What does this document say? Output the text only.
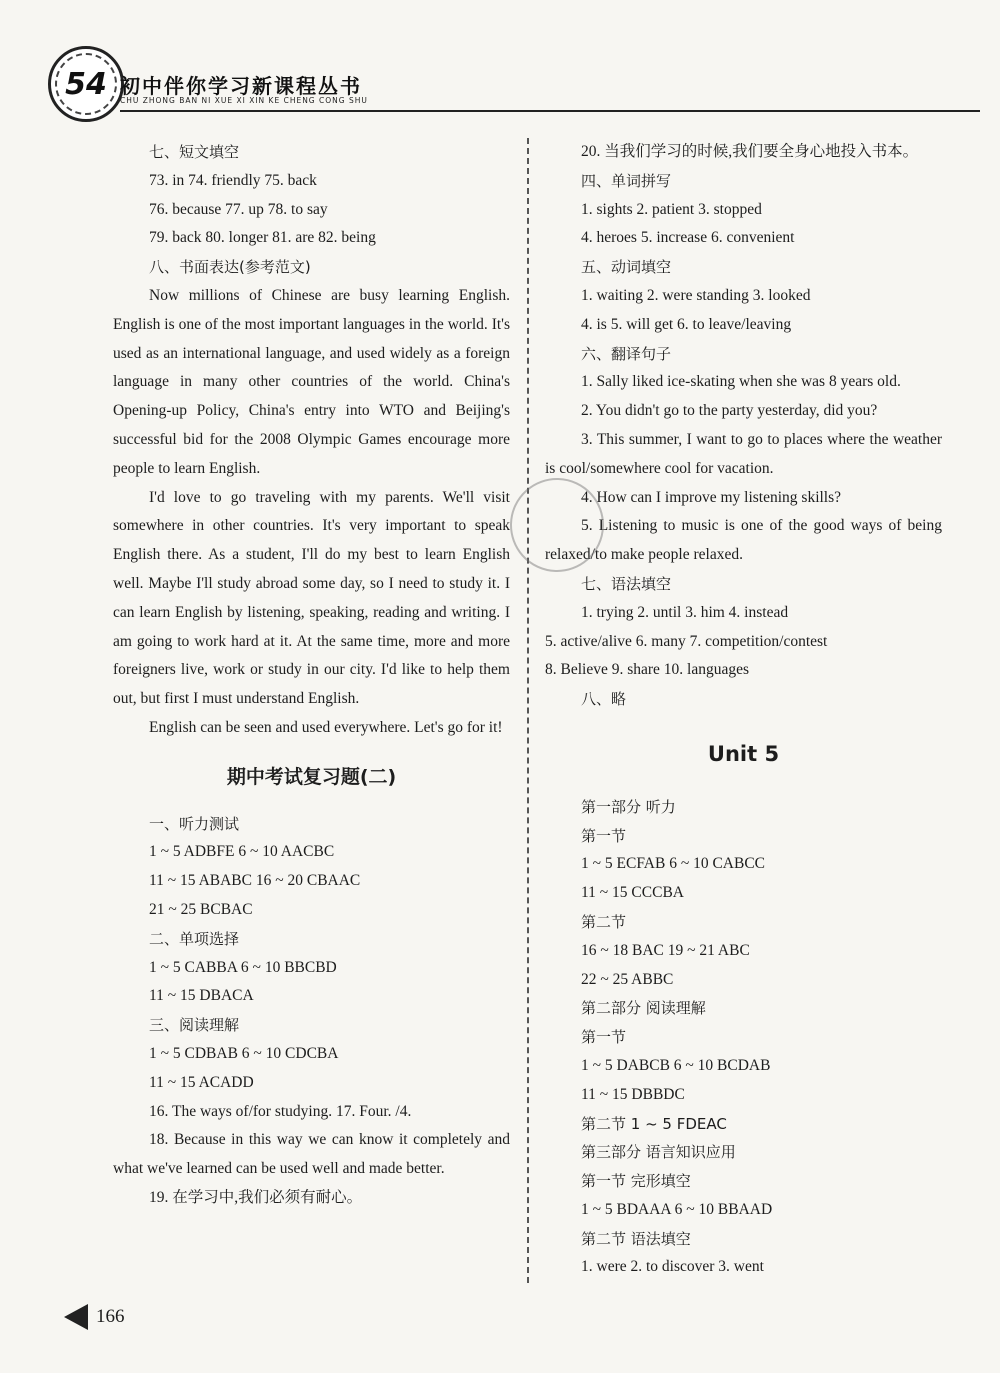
54 初中伴你学习新课程丛书
CHU ZHONG BAN NI XUE XI XIN KE CHENG CONG SHU
七、短文填空
73. in 74. friendly 75. back
76. because 77. up 78. to say
79. back 80. longer 81. are 82. being
八、书面表达(参考范文)
Now millions of Chinese are busy learning English. English is one of the most important languages in the world. It's used as an international language, and used widely as a foreign language in many other countries of the world. China's Opening-up Policy, China's entry into WTO and Beijing's successful bid for the 2008 Olympic Games encourage more people to learn English.
I'd love to go traveling with my parents. We'll visit somewhere in other countries. It's very important to speak English there. As a student, I'll do my best to learn English well. Maybe I'll study abroad some day, so I need to study it. I can learn English by listening, speaking, reading and writing. I am going to work hard at it. At the same time, more and more foreigners live, work or study in our city. I'd like to help them out, but first I must understand English.
English can be seen and used everywhere. Let's go for it!
期中考试复习题(二)
一、听力测试
1 ~ 5 ADBFE 6 ~ 10 AACBC
11 ~ 15 ABABC 16 ~ 20 CBAAC
21 ~ 25 BCBAC
二、单项选择
1 ~ 5 CABBA 6 ~ 10 BBCBD
11 ~ 15 DBACA
三、阅读理解
1 ~ 5 CDBAB 6 ~ 10 CDCBA
11 ~ 15 ACADD
16. The ways of/for studying. 17. Four. /4.
18. Because in this way we can know it completely and what we've learned can be used well and made better.
19. 在学习中,我们必须有耐心。
20. 当我们学习的时候,我们要全身心地投入书本。
四、单词拼写
1. sights 2. patient 3. stopped
4. heroes 5. increase 6. convenient
五、动词填空
1. waiting 2. were standing 3. looked
4. is 5. will get 6. to leave/leaving
六、翻译句子
1. Sally liked ice-skating when she was 8 years old.
2. You didn't go to the party yesterday, did you?
3. This summer, I want to go to places where the weather is cool/somewhere cool for vacation.
4. How can I improve my listening skills?
5. Listening to music is one of the good ways of being relaxed/to make people relaxed.
七、语法填空
1. trying 2. until 3. him 4. instead
5. active/alive 6. many 7. competition/contest
8. Believe 9. share 10. languages
八、略
Unit 5
第一部分 听力
第一节
1 ~ 5 ECFAB 6 ~ 10 CABCC
11 ~ 15 CCCBA
第二节
16 ~ 18 BAC 19 ~ 21 ABC
22 ~ 25 ABBC
第二部分 阅读理解
第一节
1 ~ 5 DABCB 6 ~ 10 BCDAB
11 ~ 15 DBBDC
第二节 1 ~ 5 FDEAC
第三部分 语言知识应用
第一节 完形填空
1 ~ 5 BDAAA 6 ~ 10 BBAAD
第二节 语法填空
1. were 2. to discover 3. went
166
